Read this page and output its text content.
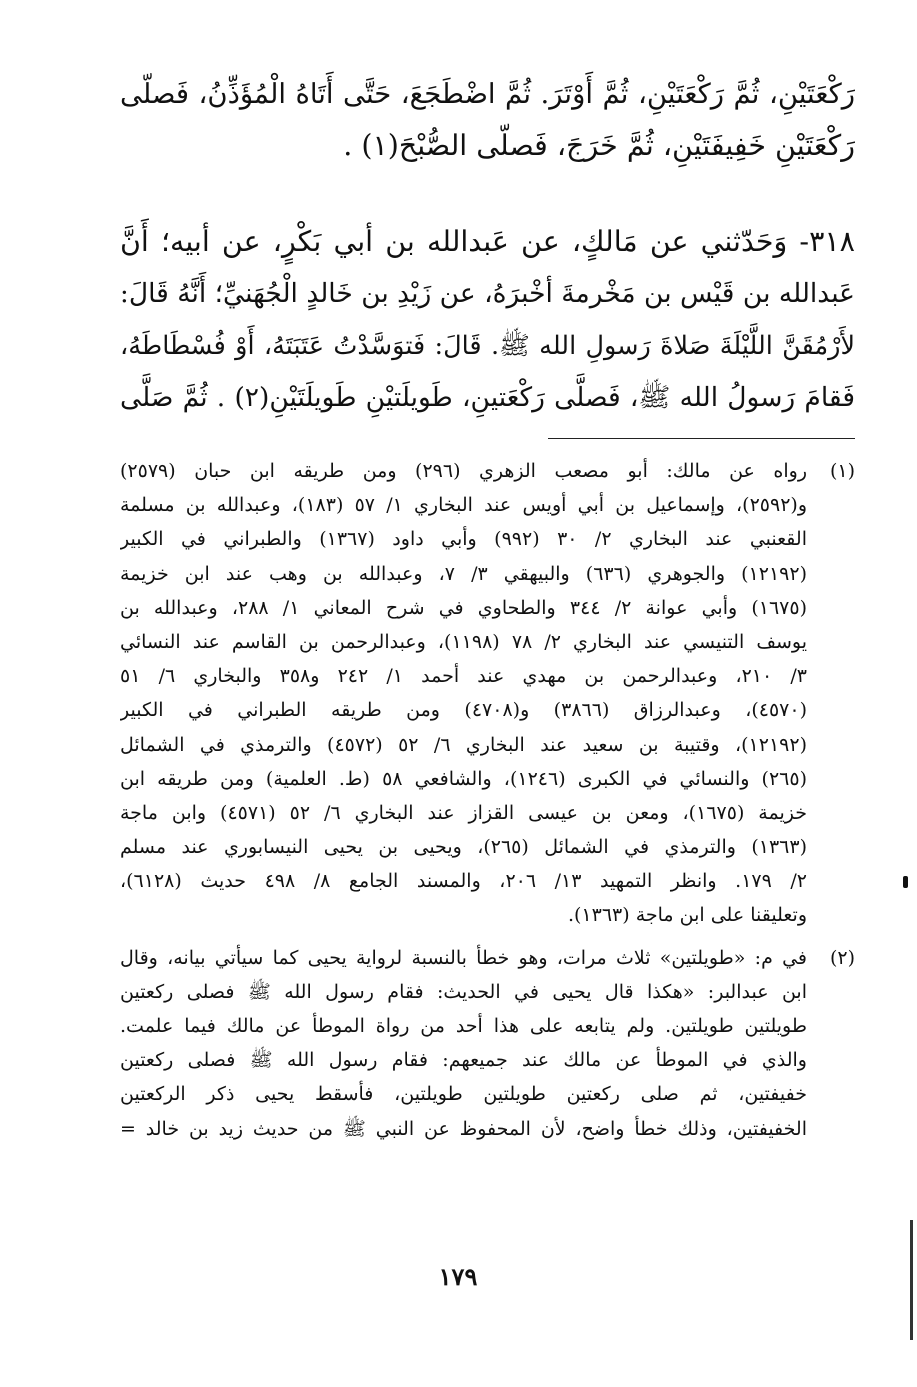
رَكْعَتَيْنِ، ثُمَّ رَكْعَتَيْنِ، ثُمَّ أَوْتَرَ. ثُمَّ اضْطَجَعَ، حَتَّى أَتَاهُ الْمُؤَذِّنُ، فَصلّى
رَكْعَتَيْنِ خَفِيفَتَيْنِ، ثُمَّ خَرَجَ، فَصلّى الصُّبْحَ(١) .
٣١٨- وَحَدّثني عن مَالكٍ، عن عَبدالله بن أبي بَكْرٍ، عن أبيه؛ أَنَّ
عَبدالله بن قَيْس بن مَخْرمةَ أخْبرَهُ، عن زَيْدِ بن خَالدٍ الْجُهَنيِّ؛ أَنَّهُ قَالَ:
لأَرْمُقَنَّ اللَّيْلَةَ صَلاةَ رَسولِ الله ﷺ. قَالَ: فَتوَسَّدْتُ عَتَبَتَهُ، أَوْ فُسْطَاطَهُ،
فَقامَ رَسولُ الله ﷺ، فَصلَّى رَكْعَتينِ، طَويلَتيْنِ طَويلَتَيْنِ(٢) . ثُمَّ صَلَّى
(١)
رواه عن مالك: أبو مصعب الزهري (٢٩٦) ومن طريقه ابن حبان (٢٥٧٩)
و(٢٥٩٢)، وإسماعيل بن أبي أويس عند البخاري ١/ ٥٧ (١٨٣)، وعبدالله بن مسلمة
القعنبي عند البخاري ٢/ ٣٠ (٩٩٢) وأبي داود (١٣٦٧) والطبراني في الكبير
(١٢١٩٢) والجوهري (٦٣٦) والبيهقي ٣/ ٧، وعبدالله بن وهب عند ابن خزيمة
(١٦٧٥) وأبي عوانة ٢/ ٣٤٤ والطحاوي في شرح المعاني ١/ ٢٨٨، وعبدالله بن
يوسف التنيسي عند البخاري ٢/ ٧٨ (١١٩٨)، وعبدالرحمن بن القاسم عند النسائي
٣/ ٢١٠، وعبدالرحمن بن مهدي عند أحمد ١/ ٢٤٢ و٣٥٨ والبخاري ٦/ ٥١
(٤٥٧٠)، وعبدالرزاق (٣٨٦٦) و(٤٧٠٨) ومن طريقه الطبراني في الكبير
(١٢١٩٢)، وقتيبة بن سعيد عند البخاري ٦/ ٥٢ (٤٥٧٢) والترمذي في الشمائل
(٢٦٥) والنسائي في الكبرى (١٢٤٦)، والشافعي ٥٨ (ط. العلمية) ومن طريقه ابن
خزيمة (١٦٧٥)، ومعن بن عيسى القزاز عند البخاري ٦/ ٥٢ (٤٥٧١) وابن ماجة
(١٣٦٣) والترمذي في الشمائل (٢٦٥)، ويحيى بن يحيى النيسابوري عند مسلم
٢/ ١٧٩. وانظر التمهيد ١٣/ ٢٠٦، والمسند الجامع ٨/ ٤٩٨ حديث (٦١٢٨)،
وتعليقنا على ابن ماجة (١٣٦٣).
(٢)
في م: «طويلتين» ثلاث مرات، وهو خطأ بالنسبة لرواية يحيى كما سيأتي بيانه، وقال
ابن عبدالبر: «هكذا قال يحيى في الحديث: فقام رسول الله ﷺ فصلى ركعتين
طويلتين طويلتين. ولم يتابعه على هذا أحد من رواة الموطأ عن مالك فيما علمت.
والذي في الموطأ عن مالك عند جميعهم: فقام رسول الله ﷺ فصلى ركعتين
خفيفتين، ثم صلى ركعتين طويلتين طويلتين، فأسقط يحيى ذكر الركعتين
الخفيفتين، وذلك خطأ واضح، لأن المحفوظ عن النبي ﷺ من حديث زيد بن خالد =
١٧٩
